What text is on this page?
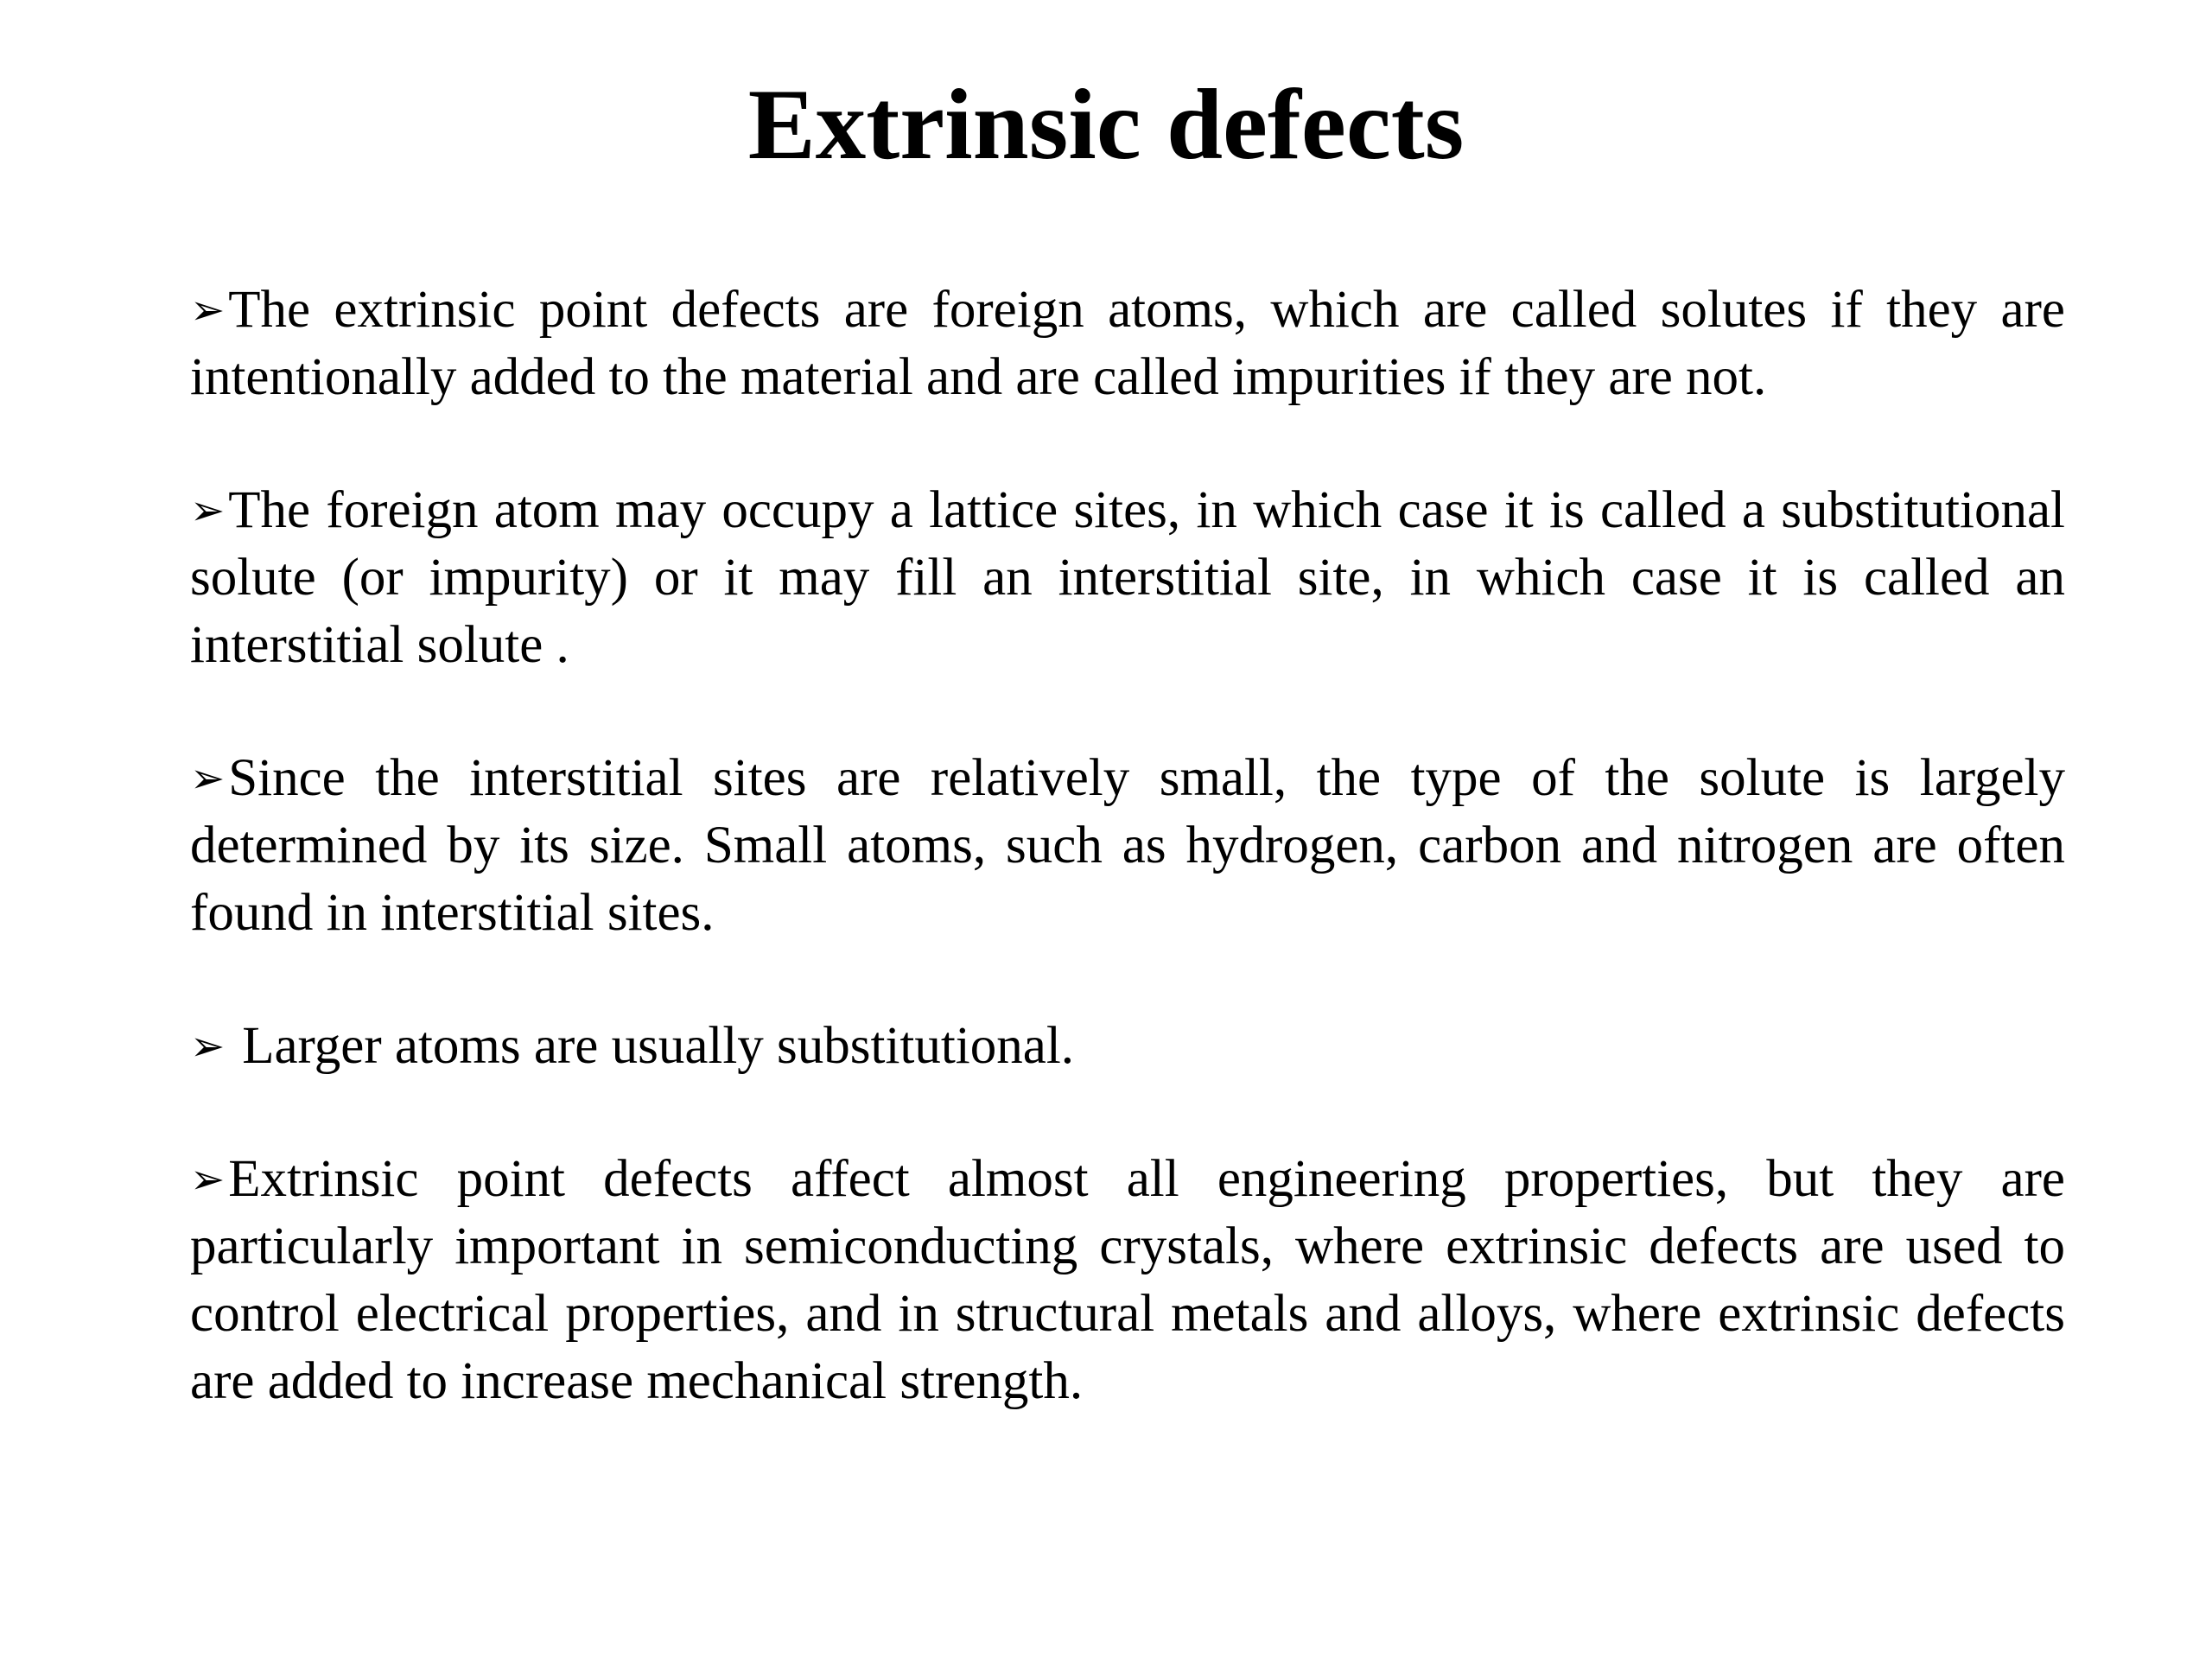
Extrinsic defects

➢The extrinsic point defects are foreign atoms, which are called solutes if they are intentionally added to the material and are called impurities if they are not.

➢The foreign atom may occupy a lattice sites, in which case it is called a substitutional solute (or impurity) or it may fill an interstitial site, in which case it is called an interstitial solute .

➢Since the interstitial sites are relatively small, the type of the solute is largely determined by its size. Small atoms, such as hydrogen, carbon and nitrogen are often found in interstitial sites.

➢ Larger atoms are usually substitutional.

➢Extrinsic point defects affect almost all engineering properties, but they are particularly important in semiconducting crystals, where extrinsic defects are used to control electrical properties, and in structural metals and alloys, where extrinsic defects are added to increase mechanical strength.
